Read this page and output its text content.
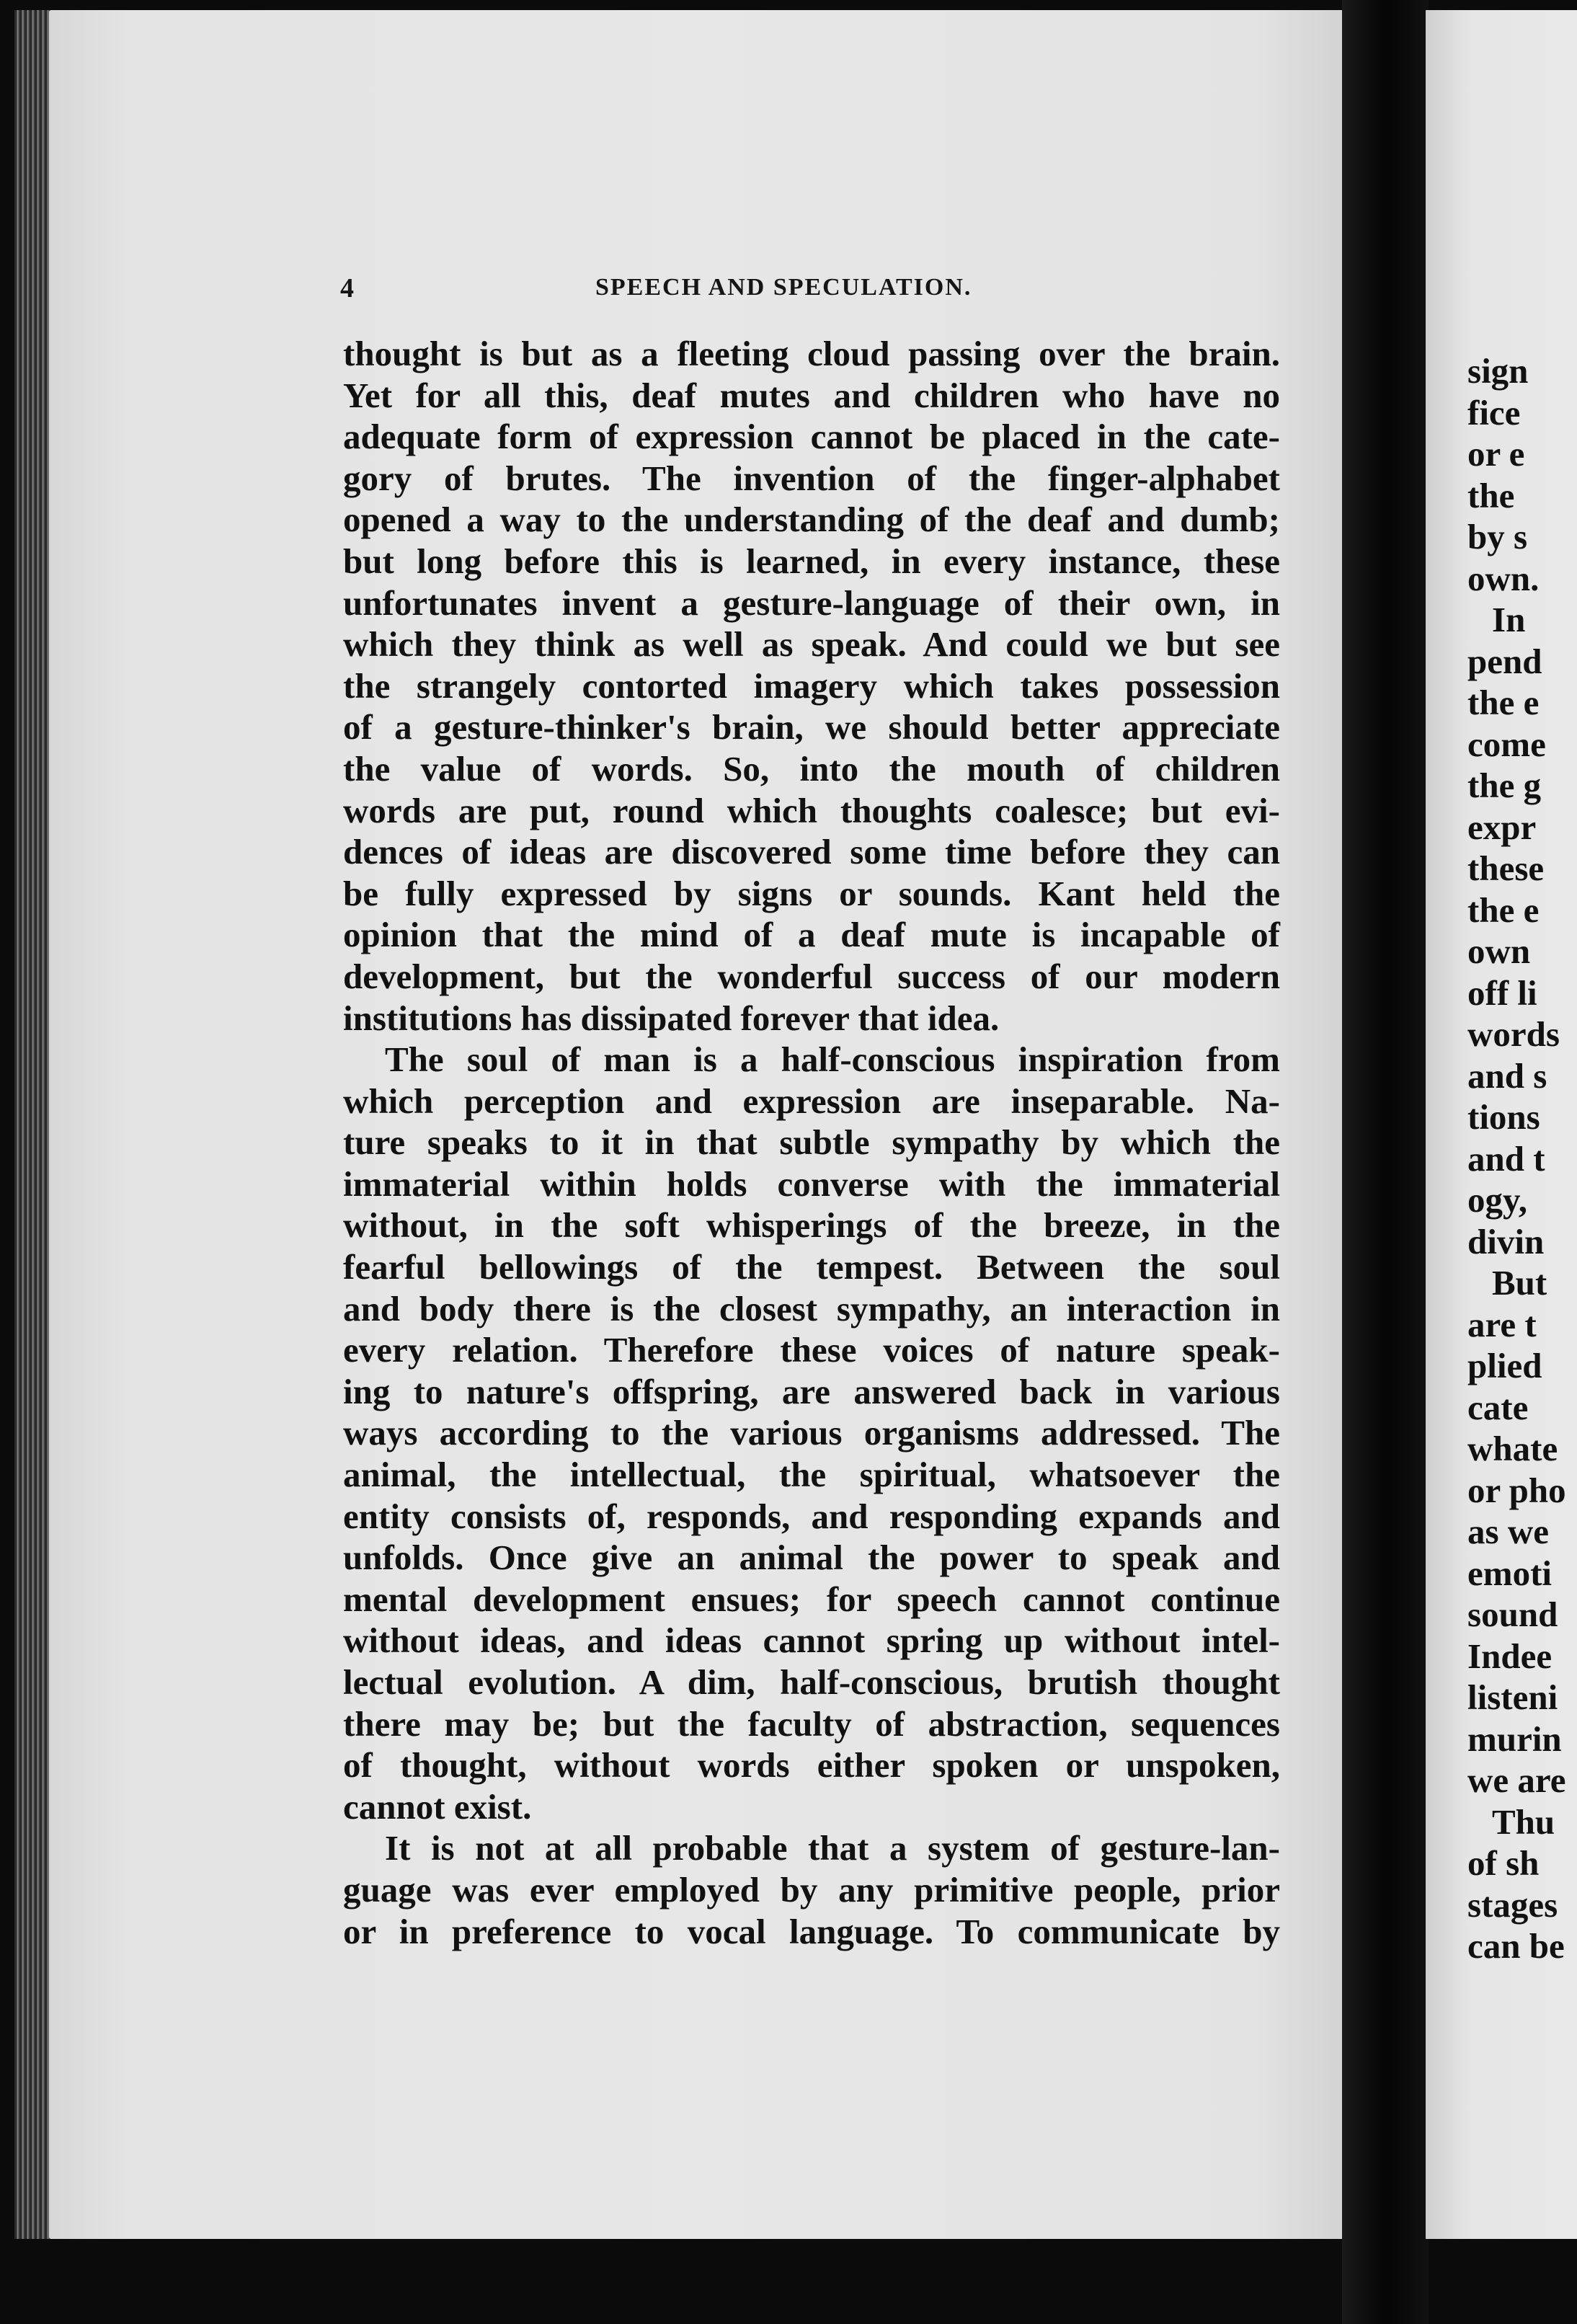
4	SPEECH AND SPECULATION.
thought is but as a fleeting cloud passing over the brain.
Yet for all this, deaf mutes and children who have no
adequate form of expression cannot be placed in the cate-
gory of brutes. The invention of the finger-alphabet
opened a way to the understanding of the deaf and dumb;
but long before this is learned, in every instance, these
unfortunates invent a gesture-language of their own, in
which they think as well as speak. And could we but see
the strangely contorted imagery which takes possession
of a gesture-thinker's brain, we should better appreciate
the value of words. So, into the mouth of children
words are put, round which thoughts coalesce; but evi-
dences of ideas are discovered some time before they can
be fully expressed by signs or sounds. Kant held the
opinion that the mind of a deaf mute is incapable of
development, but the wonderful success of our modern
institutions has dissipated forever that idea.
The soul of man is a half-conscious inspiration from
which perception and expression are inseparable. Na-
ture speaks to it in that subtle sympathy by which the
immaterial within holds converse with the immaterial
without, in the soft whisperings of the breeze, in the
fearful bellowings of the tempest. Between the soul
and body there is the closest sympathy, an interaction in
every relation. Therefore these voices of nature speak-
ing to nature's offspring, are answered back in various
ways according to the various organisms addressed. The
animal, the intellectual, the spiritual, whatsoever the
entity consists of, responds, and responding expands and
unfolds. Once give an animal the power to speak and
mental development ensues; for speech cannot continue
without ideas, and ideas cannot spring up without intel-
lectual evolution. A dim, half-conscious, brutish thought
there may be; but the faculty of abstraction, sequences
of thought, without words either spoken or unspoken,
cannot exist.
It is not at all probable that a system of gesture-lan-
guage was ever employed by any primitive people, prior
or in preference to vocal language. To communicate by
sign
fice
or e
the
by s
own.
In
pend
the e
come
the g
expr
these
the e
own
off li
words
and s
tions
and t
ogy,
divin
But
are t
plied
cate
whate
or pho
as we
emoti
sound
Indee
listeni
murin
we are
Thu
of sh
stages
can be
